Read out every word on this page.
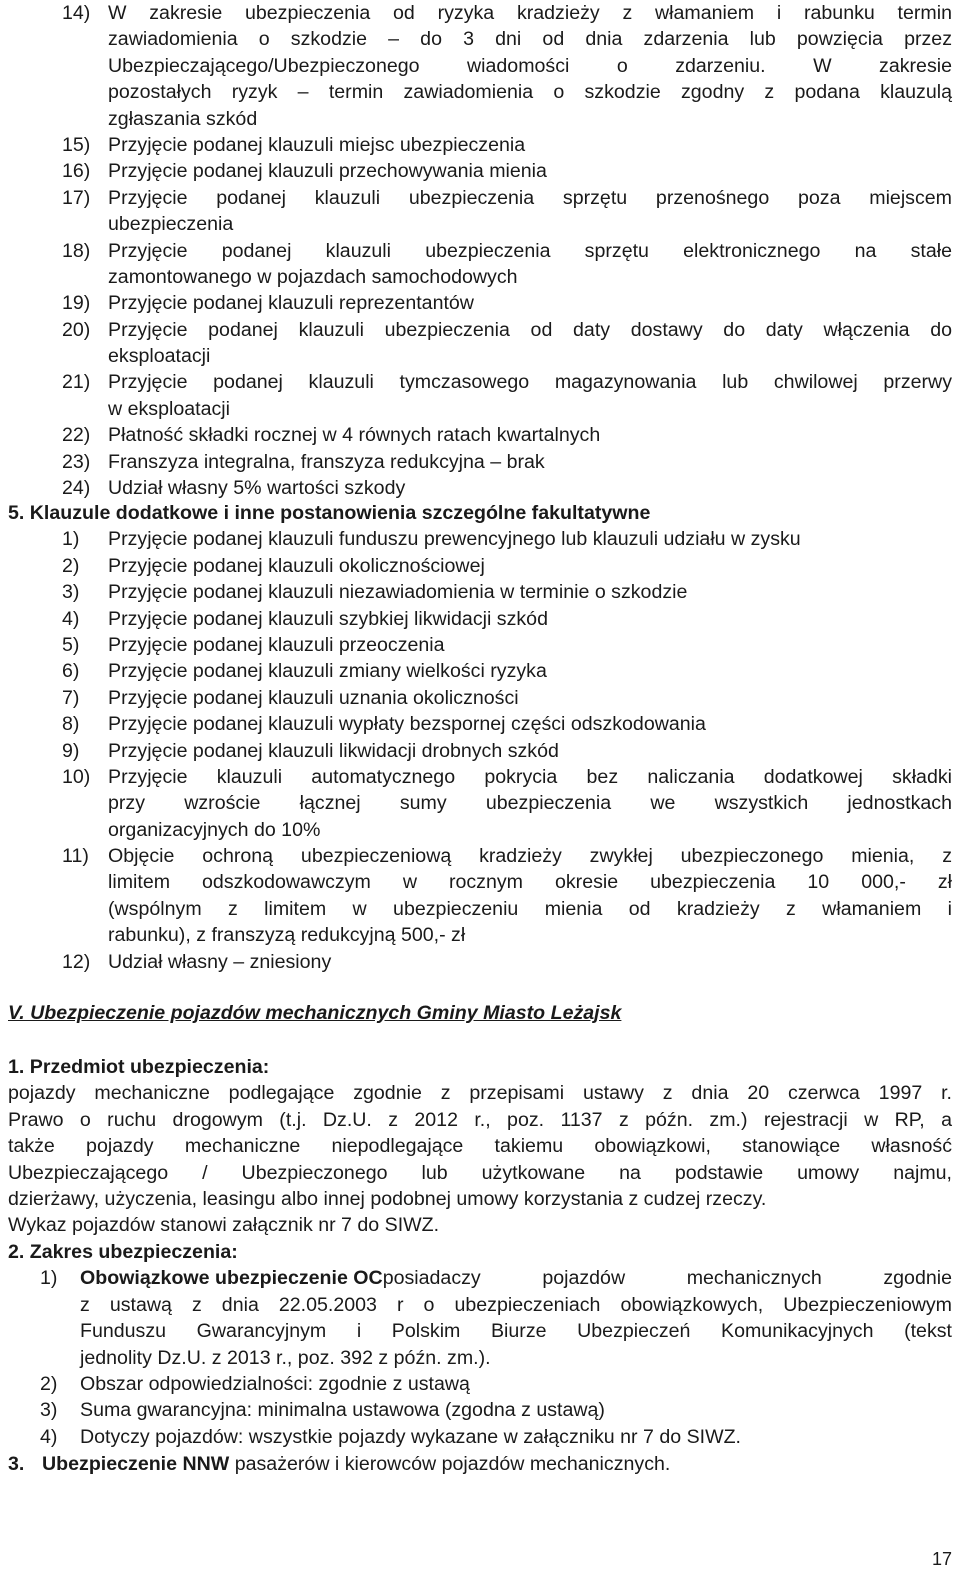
14) W zakresie ubezpieczenia od ryzyka kradzieży z włamaniem i rabunku termin
zawiadomienia o szkodzie – do 3 dni od dnia zdarzenia lub powzięcia przez
Ubezpieczającego/Ubezpieczonego wiadomości o zdarzeniu. W zakresie
pozostałych ryzyk – termin zawiadomienia o szkodzie zgodny z podana klauzulą
zgłaszania szkód
15) Przyjęcie podanej klauzuli miejsc ubezpieczenia
16) Przyjęcie podanej klauzuli przechowywania mienia
17) Przyjęcie podanej klauzuli ubezpieczenia sprzętu przenośnego poza miejscem
ubezpieczenia
18) Przyjęcie podanej klauzuli ubezpieczenia sprzętu elektronicznego na stałe
zamontowanego w pojazdach samochodowych
19) Przyjęcie podanej klauzuli reprezentantów
20) Przyjęcie podanej klauzuli ubezpieczenia od daty dostawy do daty włączenia do
eksploatacji
21) Przyjęcie podanej klauzuli tymczasowego magazynowania lub chwilowej przerwy
w eksploatacji
22) Płatność składki rocznej w 4 równych ratach kwartalnych
23) Franszyza integralna, franszyza redukcyjna – brak
24) Udział własny 5% wartości szkody
5. Klauzule dodatkowe i inne postanowienia szczególne fakultatywne
1) Przyjęcie podanej klauzuli funduszu prewencyjnego lub klauzuli udziału w zysku
2) Przyjęcie podanej klauzuli okolicznościowej
3) Przyjęcie podanej klauzuli niezawiadomienia w terminie o szkodzie
4) Przyjęcie podanej klauzuli szybkiej likwidacji szkód
5) Przyjęcie podanej klauzuli przeoczenia
6) Przyjęcie podanej klauzuli zmiany wielkości ryzyka
7) Przyjęcie podanej klauzuli uznania okoliczności
8) Przyjęcie podanej klauzuli wypłaty bezspornej części odszkodowania
9) Przyjęcie podanej klauzuli likwidacji drobnych szkód
10) Przyjęcie klauzuli automatycznego pokrycia bez naliczania dodatkowej składki
przy wzroście łącznej sumy ubezpieczenia we wszystkich jednostkach
organizacyjnych do 10%
11) Objęcie ochroną ubezpieczeniową kradzieży zwykłej ubezpieczonego mienia, z
limitem odszkodowawczym w rocznym okresie ubezpieczenia 10 000,- zł
(wspólnym z limitem w ubezpieczeniu mienia od kradzieży z włamaniem i
rabunku), z franszyzą redukcyjną 500,- zł
12) Udział własny – zniesiony
V. Ubezpieczenie pojazdów mechanicznych Gminy Miasto Leżajsk
1. Przedmiot ubezpieczenia:
pojazdy mechaniczne podlegające zgodnie z przepisami ustawy z dnia 20 czerwca 1997 r.
Prawo o ruchu drogowym (t.j. Dz.U. z 2012 r., poz. 1137 z późn. zm.) rejestracji w RP, a
także pojazdy mechaniczne niepodlegające takiemu obowiązkowi, stanowiące własność
Ubezpieczającego / Ubezpieczonego lub użytkowane na podstawie umowy najmu,
dzierżawy, użyczenia, leasingu albo innej podobnej umowy korzystania z cudzej rzeczy.
Wykaz pojazdów stanowi załącznik nr 7 do SIWZ.
2. Zakres ubezpieczenia:
1) Obowiązkowe ubezpieczenie OC posiadaczy pojazdów mechanicznych zgodnie
z ustawą z dnia 22.05.2003 r o ubezpieczeniach obowiązkowych, Ubezpieczeniowym
Funduszu Gwarancyjnym i Polskim Biurze Ubezpieczeń Komunikacyjnych (tekst
jednolity Dz.U. z 2013 r., poz. 392 z późn. zm.).
2) Obszar odpowiedzialności: zgodnie z ustawą
3) Suma gwarancyjna: minimalna ustawowa (zgodna z ustawą)
4) Dotyczy pojazdów: wszystkie pojazdy wykazane w załączniku nr 7 do SIWZ.
3. Ubezpieczenie NNW pasażerów i kierowców pojazdów mechanicznych.
17
